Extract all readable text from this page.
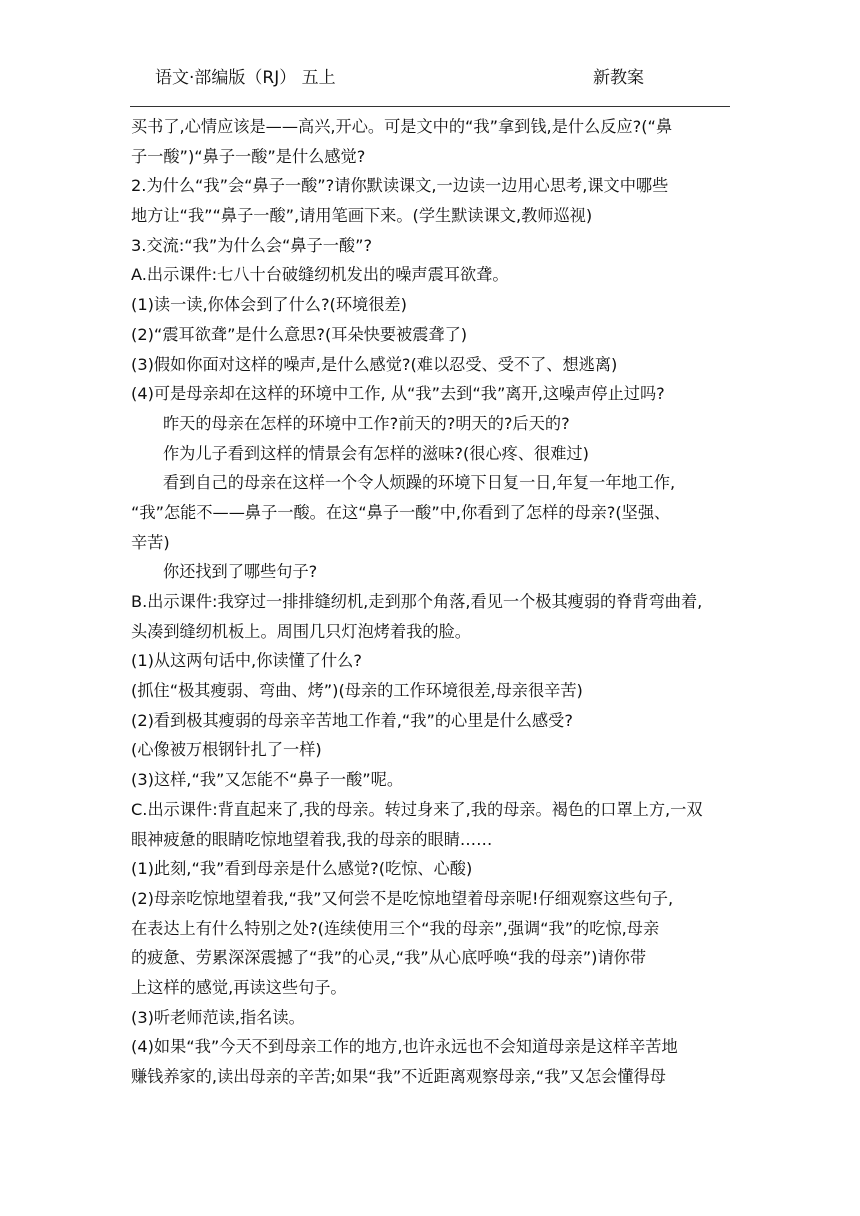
语文·部编版（RJ） 五上	新教案
买书了,心情应该是——高兴,开心。可是文中的“我”拿到钱,是什么反应?(“鼻
子一酸”)“鼻子一酸”是什么感觉?
2.为什么“我”会“鼻子一酸”?请你默读课文,一边读一边用心思考,课文中哪些
地方让“我”“鼻子一酸”,请用笔画下来。(学生默读课文,教师巡视)
3.交流:“我”为什么会“鼻子一酸”?
A.出示课件:七八十台破缝纫机发出的噪声震耳欲聋。
(1)读一读,你体会到了什么?(环境很差)
(2)“震耳欲聋”是什么意思?(耳朵快要被震聋了)
(3)假如你面对这样的噪声,是什么感觉?(难以忍受、受不了、想逃离)
(4)可是母亲却在这样的环境中工作, 从“我”去到“我”离开,这噪声停止过吗?
昨天的母亲在怎样的环境中工作?前天的?明天的?后天的?
作为儿子看到这样的情景会有怎样的滋味?(很心疼、很难过)
看到自己的母亲在这样一个令人烦躁的环境下日复一日,年复一年地工作,
“我”怎能不——鼻子一酸。在这“鼻子一酸”中,你看到了怎样的母亲?(坚强、
辛苦)
你还找到了哪些句子?
B.出示课件:我穿过一排排缝纫机,走到那个角落,看见一个极其瘦弱的脊背弯曲着,
头凑到缝纫机板上。周围几只灯泡烤着我的脸。
(1)从这两句话中,你读懂了什么?
(抓住“极其瘦弱、弯曲、烤”)(母亲的工作环境很差,母亲很辛苦)
(2)看到极其瘦弱的母亲辛苦地工作着,“我”的心里是什么感受?
(心像被万根钢针扎了一样)
(3)这样,“我”又怎能不“鼻子一酸”呢。
C.出示课件:背直起来了,我的母亲。转过身来了,我的母亲。褐色的口罩上方,一双
眼神疲惫的眼睛吃惊地望着我,我的母亲的眼睛……
(1)此刻,“我”看到母亲是什么感觉?(吃惊、心酸)
(2)母亲吃惊地望着我,“我”又何尝不是吃惊地望着母亲呢!仔细观察这些句子,
在表达上有什么特别之处?(连续使用三个“我的母亲”,强调“我”的吃惊,母亲
的疲惫、劳累深深震撼了“我”的心灵,“我”从心底呼唤“我的母亲”)请你带
上这样的感觉,再读这些句子。
(3)听老师范读,指名读。
(4)如果“我”今天不到母亲工作的地方,也许永远也不会知道母亲是这样辛苦地
赚钱养家的,读出母亲的辛苦;如果“我”不近距离观察母亲,“我”又怎会懂得母
